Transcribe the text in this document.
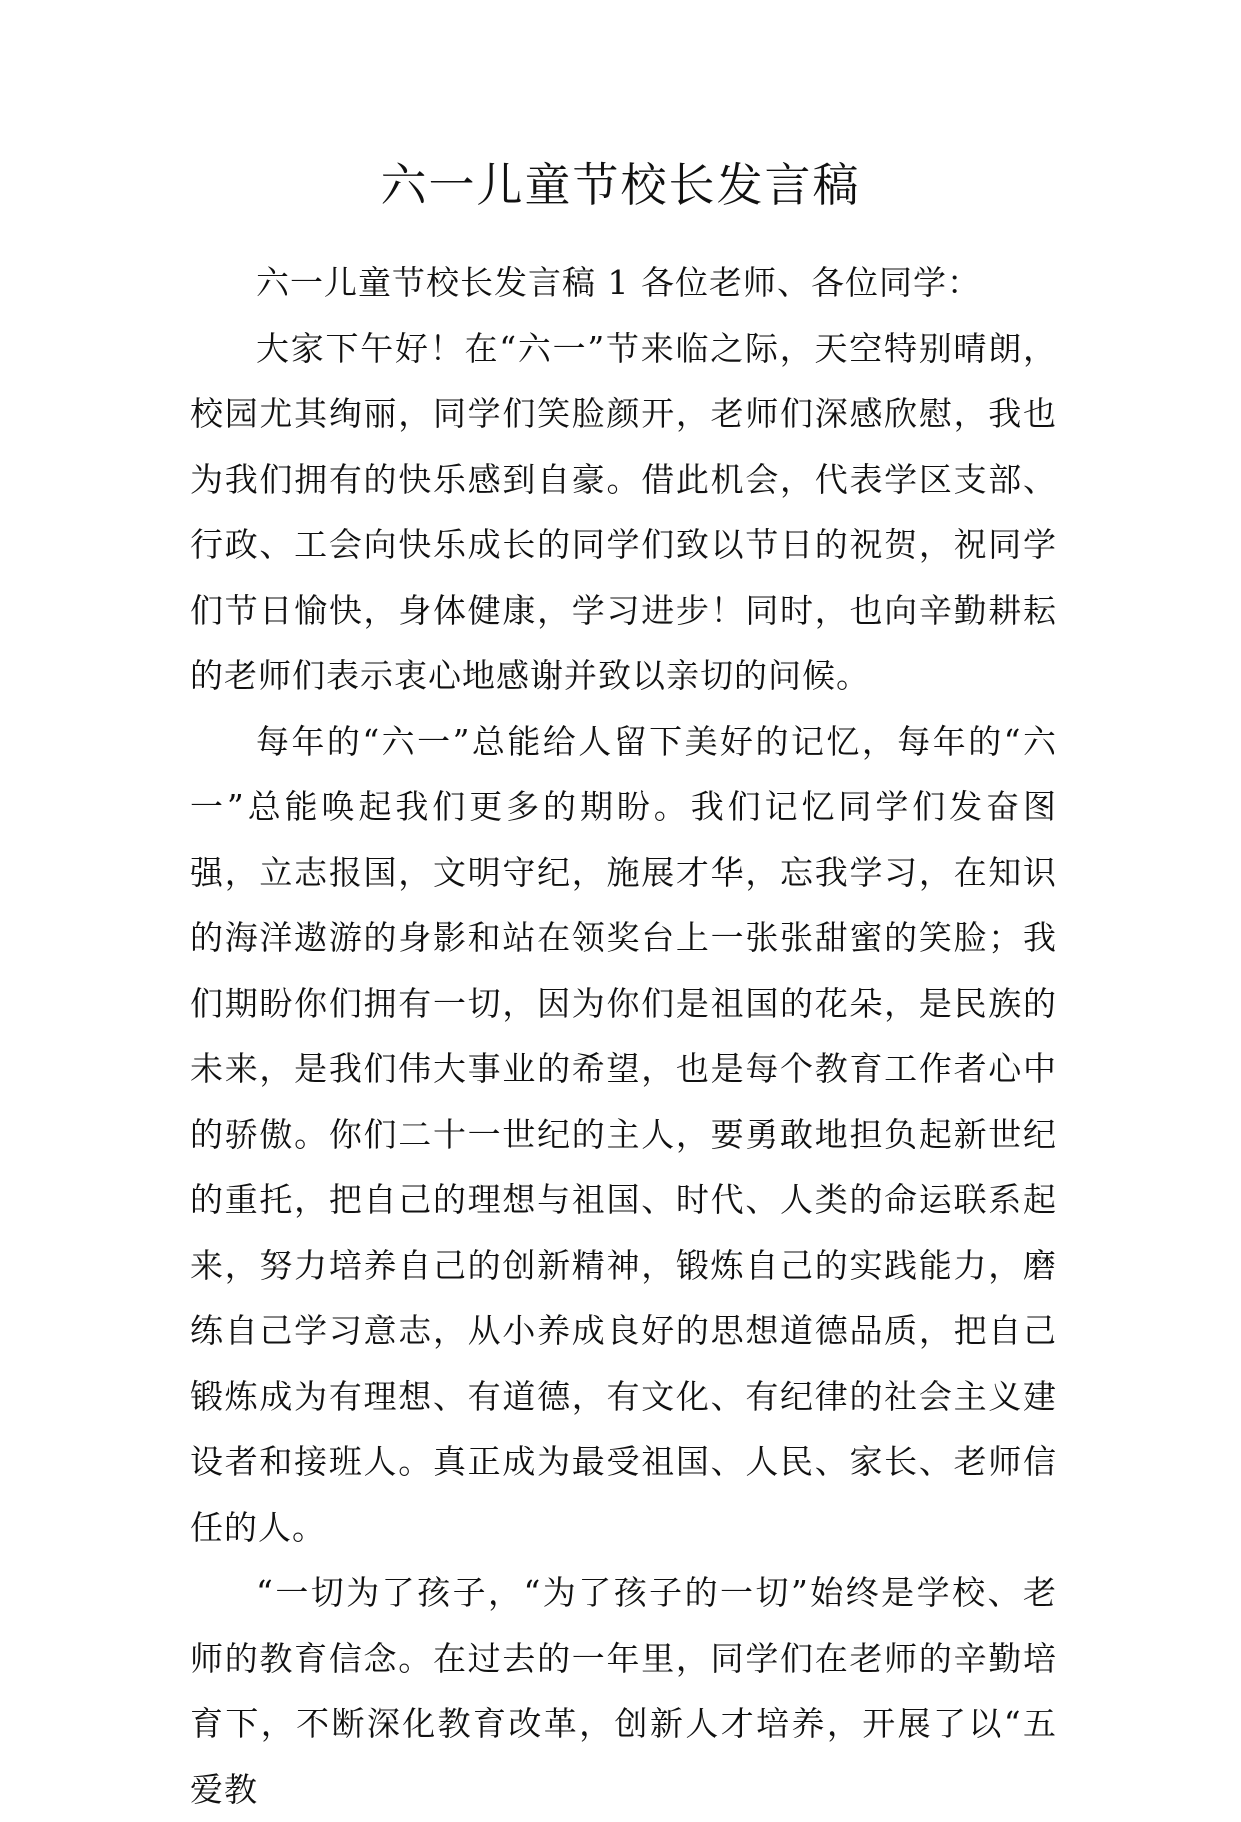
六一儿童节校长发言稿

六一儿童节校长发言稿 1 各位老师、各位同学：

大家下午好！在“六一”节来临之际，天空特别晴朗，校园尤其绚丽，同学们笑脸颜开，老师们深感欣慰，我也为我们拥有的快乐感到自豪。借此机会，代表学区支部、行政、工会向快乐成长的同学们致以节日的祝贺，祝同学们节日愉快，身体健康，学习进步！同时，也向辛勤耕耘的老师们表示衷心地感谢并致以亲切的问候。

每年的“六一”总能给人留下美好的记忆，每年的“六一”总能唤起我们更多的期盼。我们记忆同学们发奋图强，立志报国，文明守纪，施展才华，忘我学习，在知识的海洋遨游的身影和站在领奖台上一张张甜蜜的笑脸；我们期盼你们拥有一切，因为你们是祖国的花朵，是民族的未来，是我们伟大事业的希望，也是每个教育工作者心中的骄傲。你们二十一世纪的主人，要勇敢地担负起新世纪的重托，把自己的理想与祖国、时代、人类的命运联系起来，努力培养自己的创新精神，锻炼自己的实践能力，磨练自己学习意志，从小养成良好的思想道德品质，把自己锻炼成为有理想、有道德，有文化、有纪律的社会主义建设者和接班人。真正成为最受祖国、人民、家长、老师信任的人。

“一切为了孩子，“为了孩子的一切”始终是学校、老师的教育信念。在过去的一年里，同学们在老师的辛勤培育下，不断深化教育改革，创新人才培养，开展了以“五爱教
